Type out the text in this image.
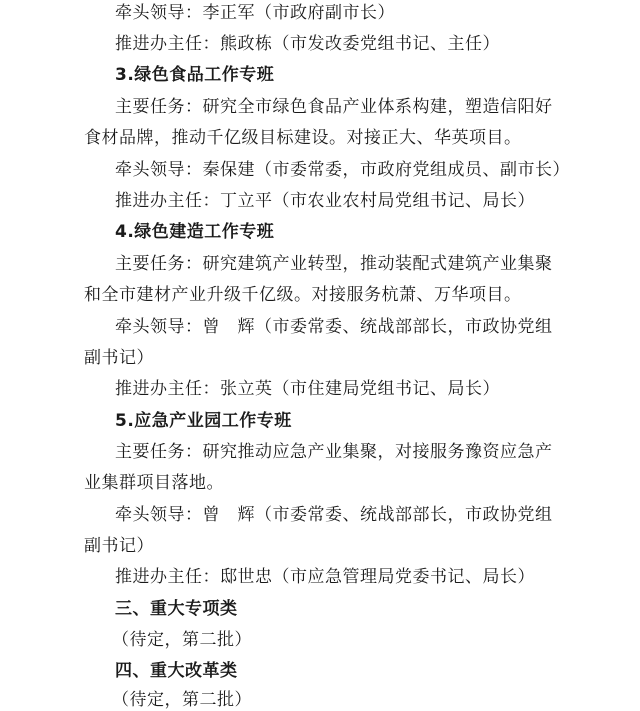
牵头领导：李正军（市政府副市长）
推进办主任：熊政栋（市发改委党组书记、主任）
3.绿色食品工作专班
主要任务：研究全市绿色食品产业体系构建，塑造信阳好
食材品牌，推动千亿级目标建设。对接正大、华英项目。
牵头领导：秦保建（市委常委，市政府党组成员、副市长）
推进办主任：丁立平（市农业农村局党组书记、局长）
4.绿色建造工作专班
主要任务：研究建筑产业转型，推动装配式建筑产业集聚
和全市建材产业升级千亿级。对接服务杭萧、万华项目。
牵头领导：曾　辉（市委常委、统战部部长，市政协党组
副书记）
推进办主任：张立英（市住建局党组书记、局长）
5.应急产业园工作专班
主要任务：研究推动应急产业集聚，对接服务豫资应急产
业集群项目落地。
牵头领导：曾　辉（市委常委、统战部部长，市政协党组
副书记）
推进办主任：邸世忠（市应急管理局党委书记、局长）
三、重大专项类
（待定，第二批）
四、重大改革类
（待定，第二批）
